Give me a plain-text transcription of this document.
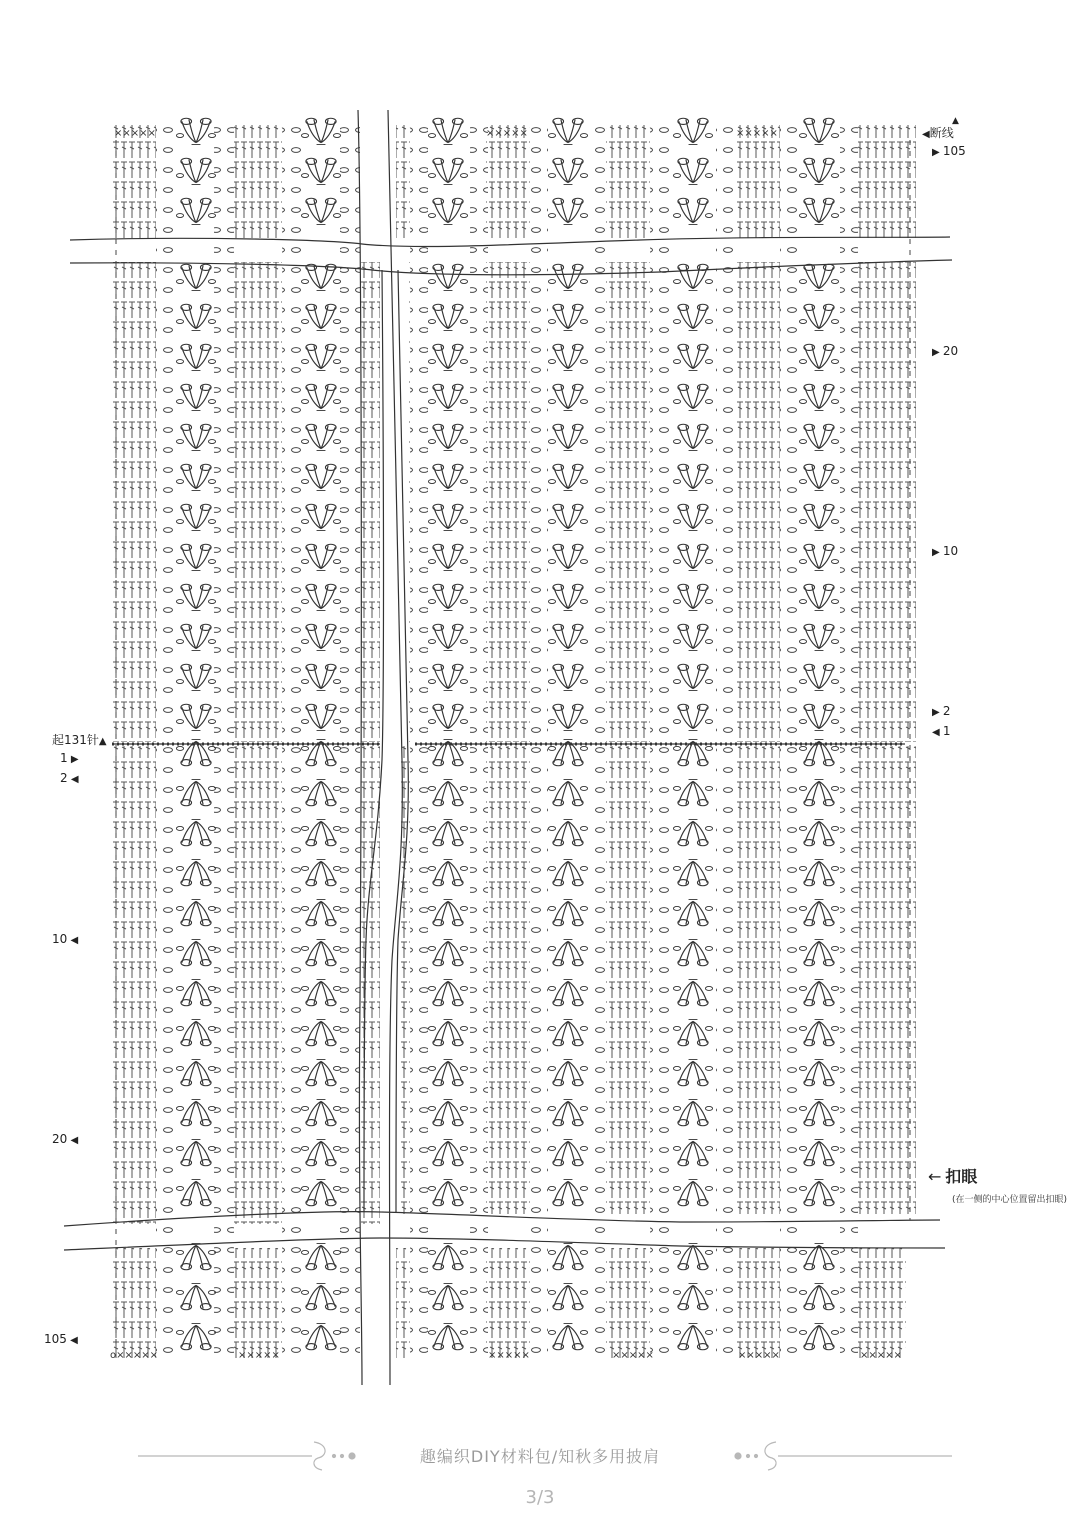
×××××	×××××	×××××
o×××××	×××××	×××××	×××××	×××××	×××××
◀断线
▲
▶ 105
▶ 20
▶ 10
▶ 2
◀ 1
起131针▲
1 ▶
2 ◀
10 ◀
20 ◀
105 ◀
← 扣眼
(在一侧的中心位置留出扣眼)
趣编织DIY材料包/知秋多用披肩
3/3
